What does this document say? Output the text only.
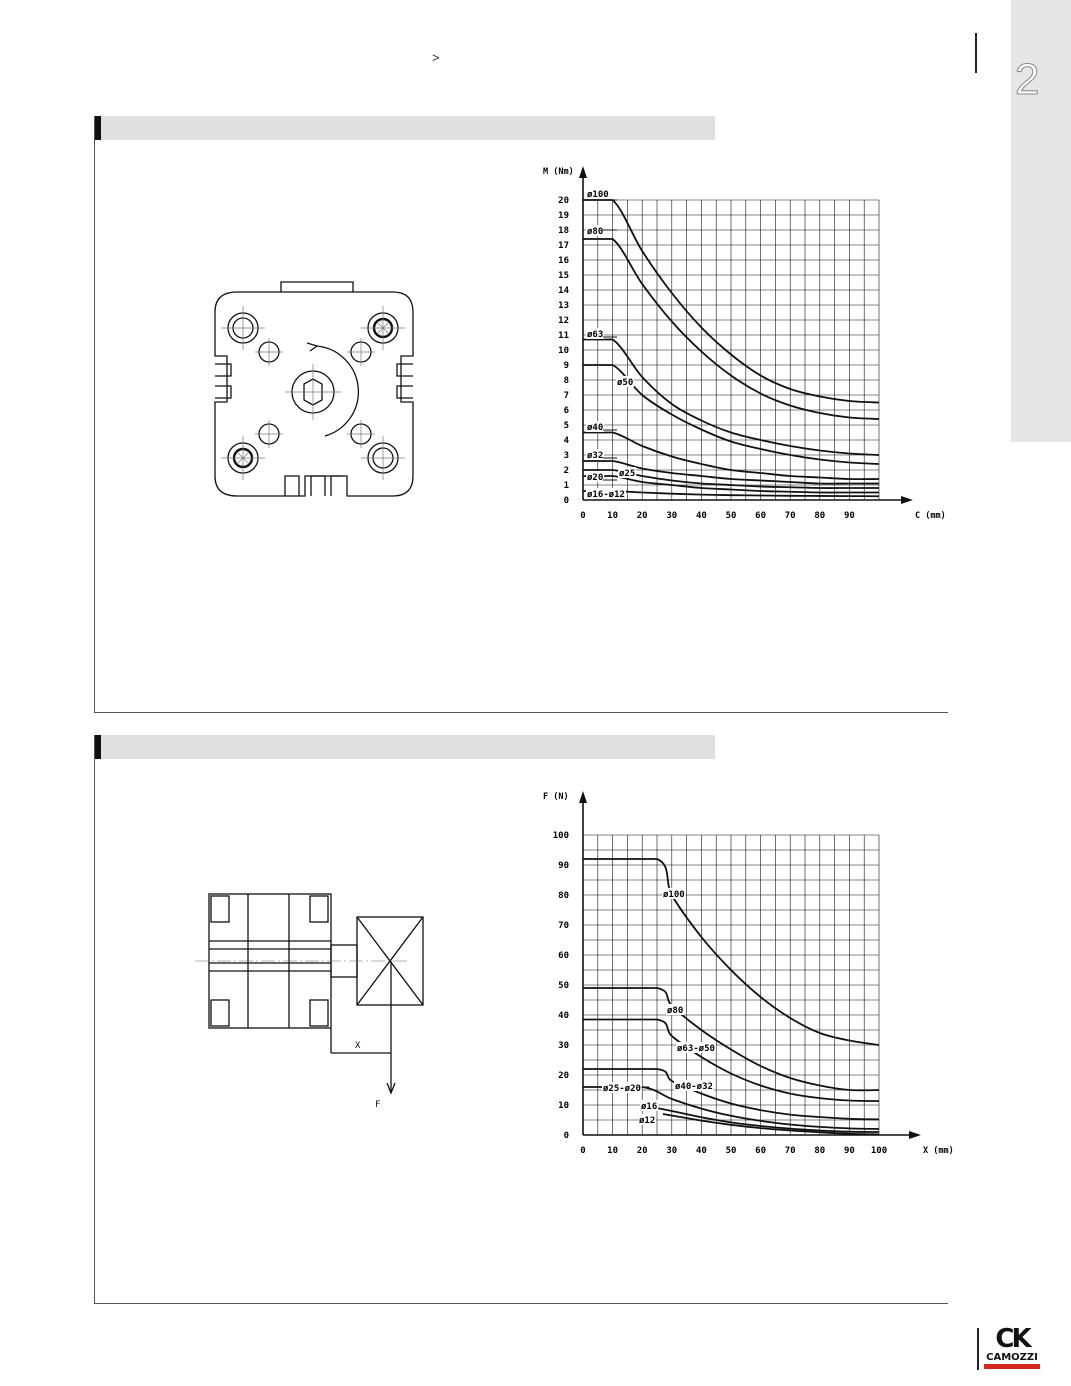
>	2
0 10 20 30 40 50 60 70 80 90
0
1
2
3
4
5
6
7
8
9
10
11
12
13
14
15
16
17
18
19
20
M (Nm)
C (mm)
ø100
ø80
ø63
ø50
ø40
ø32
ø20 ø25
ø16-ø12
X
F
0 10 20 30 40 50 60 70 80 90 100
0
10
20
30
40
50
60
70
80
90
100
F (N)
X (mm)
ø100
ø80
ø63-ø50
ø25-ø20	ø40-ø32
ø16
ø12
CK
CAMOZZI
